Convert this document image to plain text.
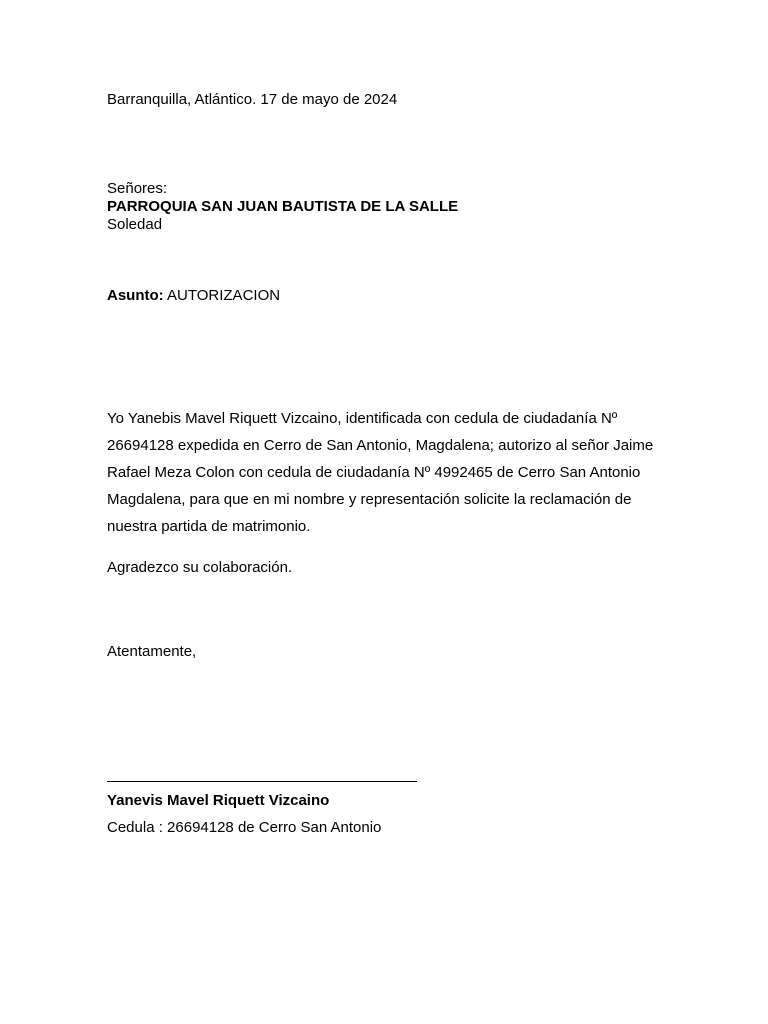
Barranquilla, Atlántico. 17 de mayo de 2024
Señores:
PARROQUIA SAN JUAN BAUTISTA DE LA SALLE
Soledad
Asunto: AUTORIZACION
Yo Yanebis Mavel Riquett Vizcaino, identificada con cedula de ciudadanía Nº
26694128 expedida en Cerro de San Antonio, Magdalena; autorizo al señor Jaime
Rafael Meza Colon con cedula de ciudadanía Nº 4992465 de Cerro San Antonio
Magdalena, para que en mi nombre y representación solicite la reclamación de
nuestra partida de matrimonio.
Agradezco su colaboración.
Atentamente,
Yanevis Mavel Riquett Vizcaino
Cedula : 26694128 de Cerro San Antonio
